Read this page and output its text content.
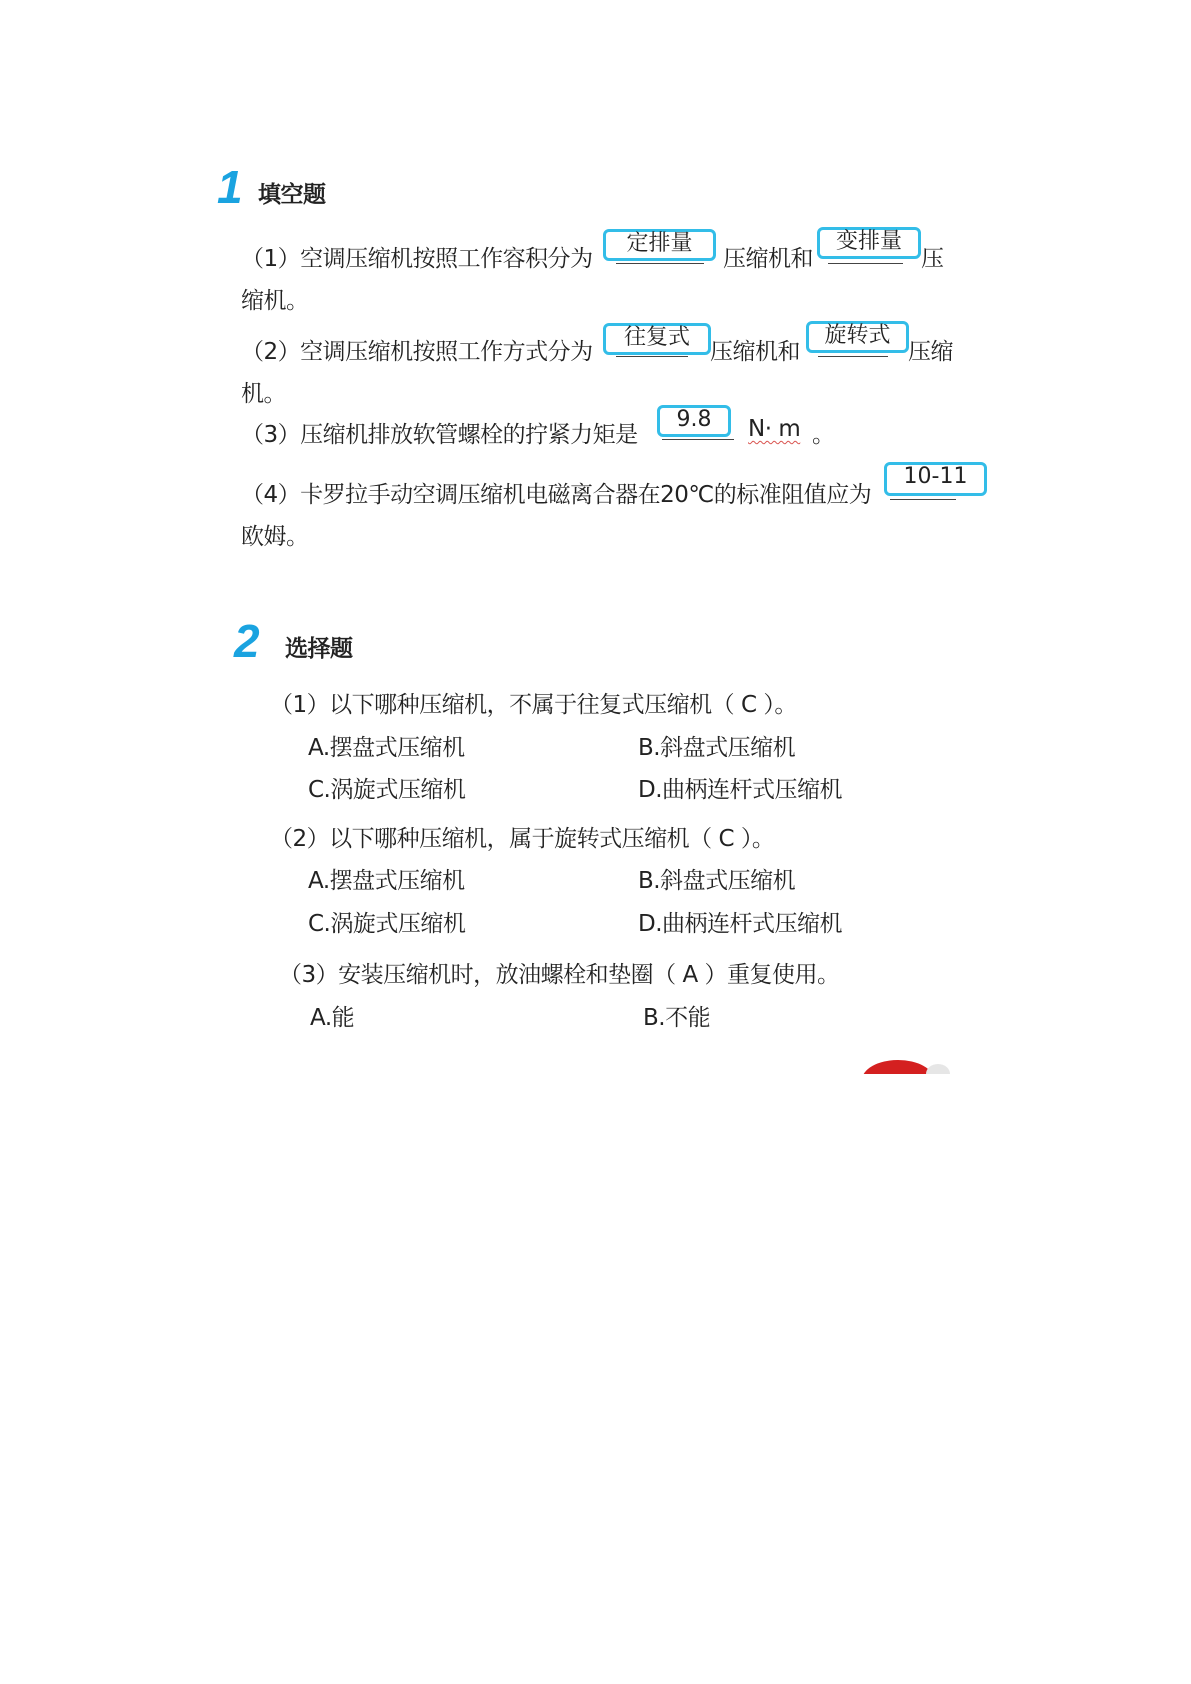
1 填空题
（1）空调压缩机按照工作容积分为
定排量
压缩机和
变排量
压
缩机。
（2）空调压缩机按照工作方式分为
往复式
压缩机和
旋转式
压缩
机。
（3）压缩机排放软管螺栓的拧紧力矩是
9.8	N· m 。
（4）卡罗拉手动空调压缩机电磁离合器在20℃的标准阻值应为
10-11
欧姆。
2 选择题
（1）以下哪种压缩机，不属于往复式压缩机（ C ）。
A.摆盘式压缩机	B.斜盘式压缩机
C.涡旋式压缩机	D.曲柄连杆式压缩机
（2）以下哪种压缩机，属于旋转式压缩机（ C ）。
A.摆盘式压缩机	B.斜盘式压缩机
C.涡旋式压缩机	D.曲柄连杆式压缩机
（3）安装压缩机时，放油螺栓和垫圈（ A ）重复使用。
A.能	B.不能
